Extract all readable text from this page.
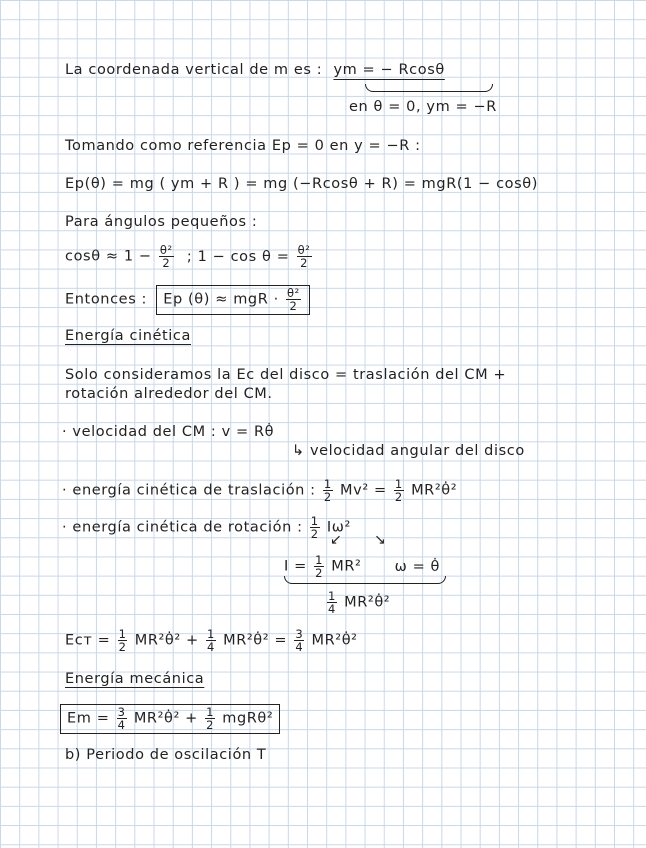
La coordenada vertical de m es : ym = − Rcosθ
en θ = 0, ym = −R
Tomando como referencia Ep = 0 en y = −R :
Ep(θ) = mg ( ym + R ) = mg (−Rcosθ + R) = mgR(1 − cosθ)
Para ángulos pequeños :
$\cos\theta \approx 1 - \frac{\text{θ²}}{2}$ ; $1 - \cos \theta = \frac{\text{θ²}}{2}$
Entonces : Ep (θ) ≈ mgR · $\frac{\text{θ²}}{2}$
Energía cinética
Solo consideramos la Ec del disco = traslación del CM +
rotación alrededor del CM.
· velocidad del CM : v = Rθ̇
↳ velocidad angular del disco
· energía cinética de traslación : $\frac{1}{2} Mv^2 = \frac{1}{2}$ MR²θ̇²
· energía cinética de rotación : $\frac{1}{2} I\omega^2$
↙ ↘
$I = \frac{1}{2} MR^2$ ω = θ̇
$\frac{1}{4}$ MR²θ̇²
Ecт = $\frac{1}{2}$ MR²θ̇² + $\frac{1}{4}$ MR²θ̇² = $\frac{3}{4}$ MR²θ̇²
Energía mecánica
$Em = \frac{3}{4}$ MR²θ̇² + $\frac{1}{2} mgR\theta^2$
b) Periodo de oscilación T
